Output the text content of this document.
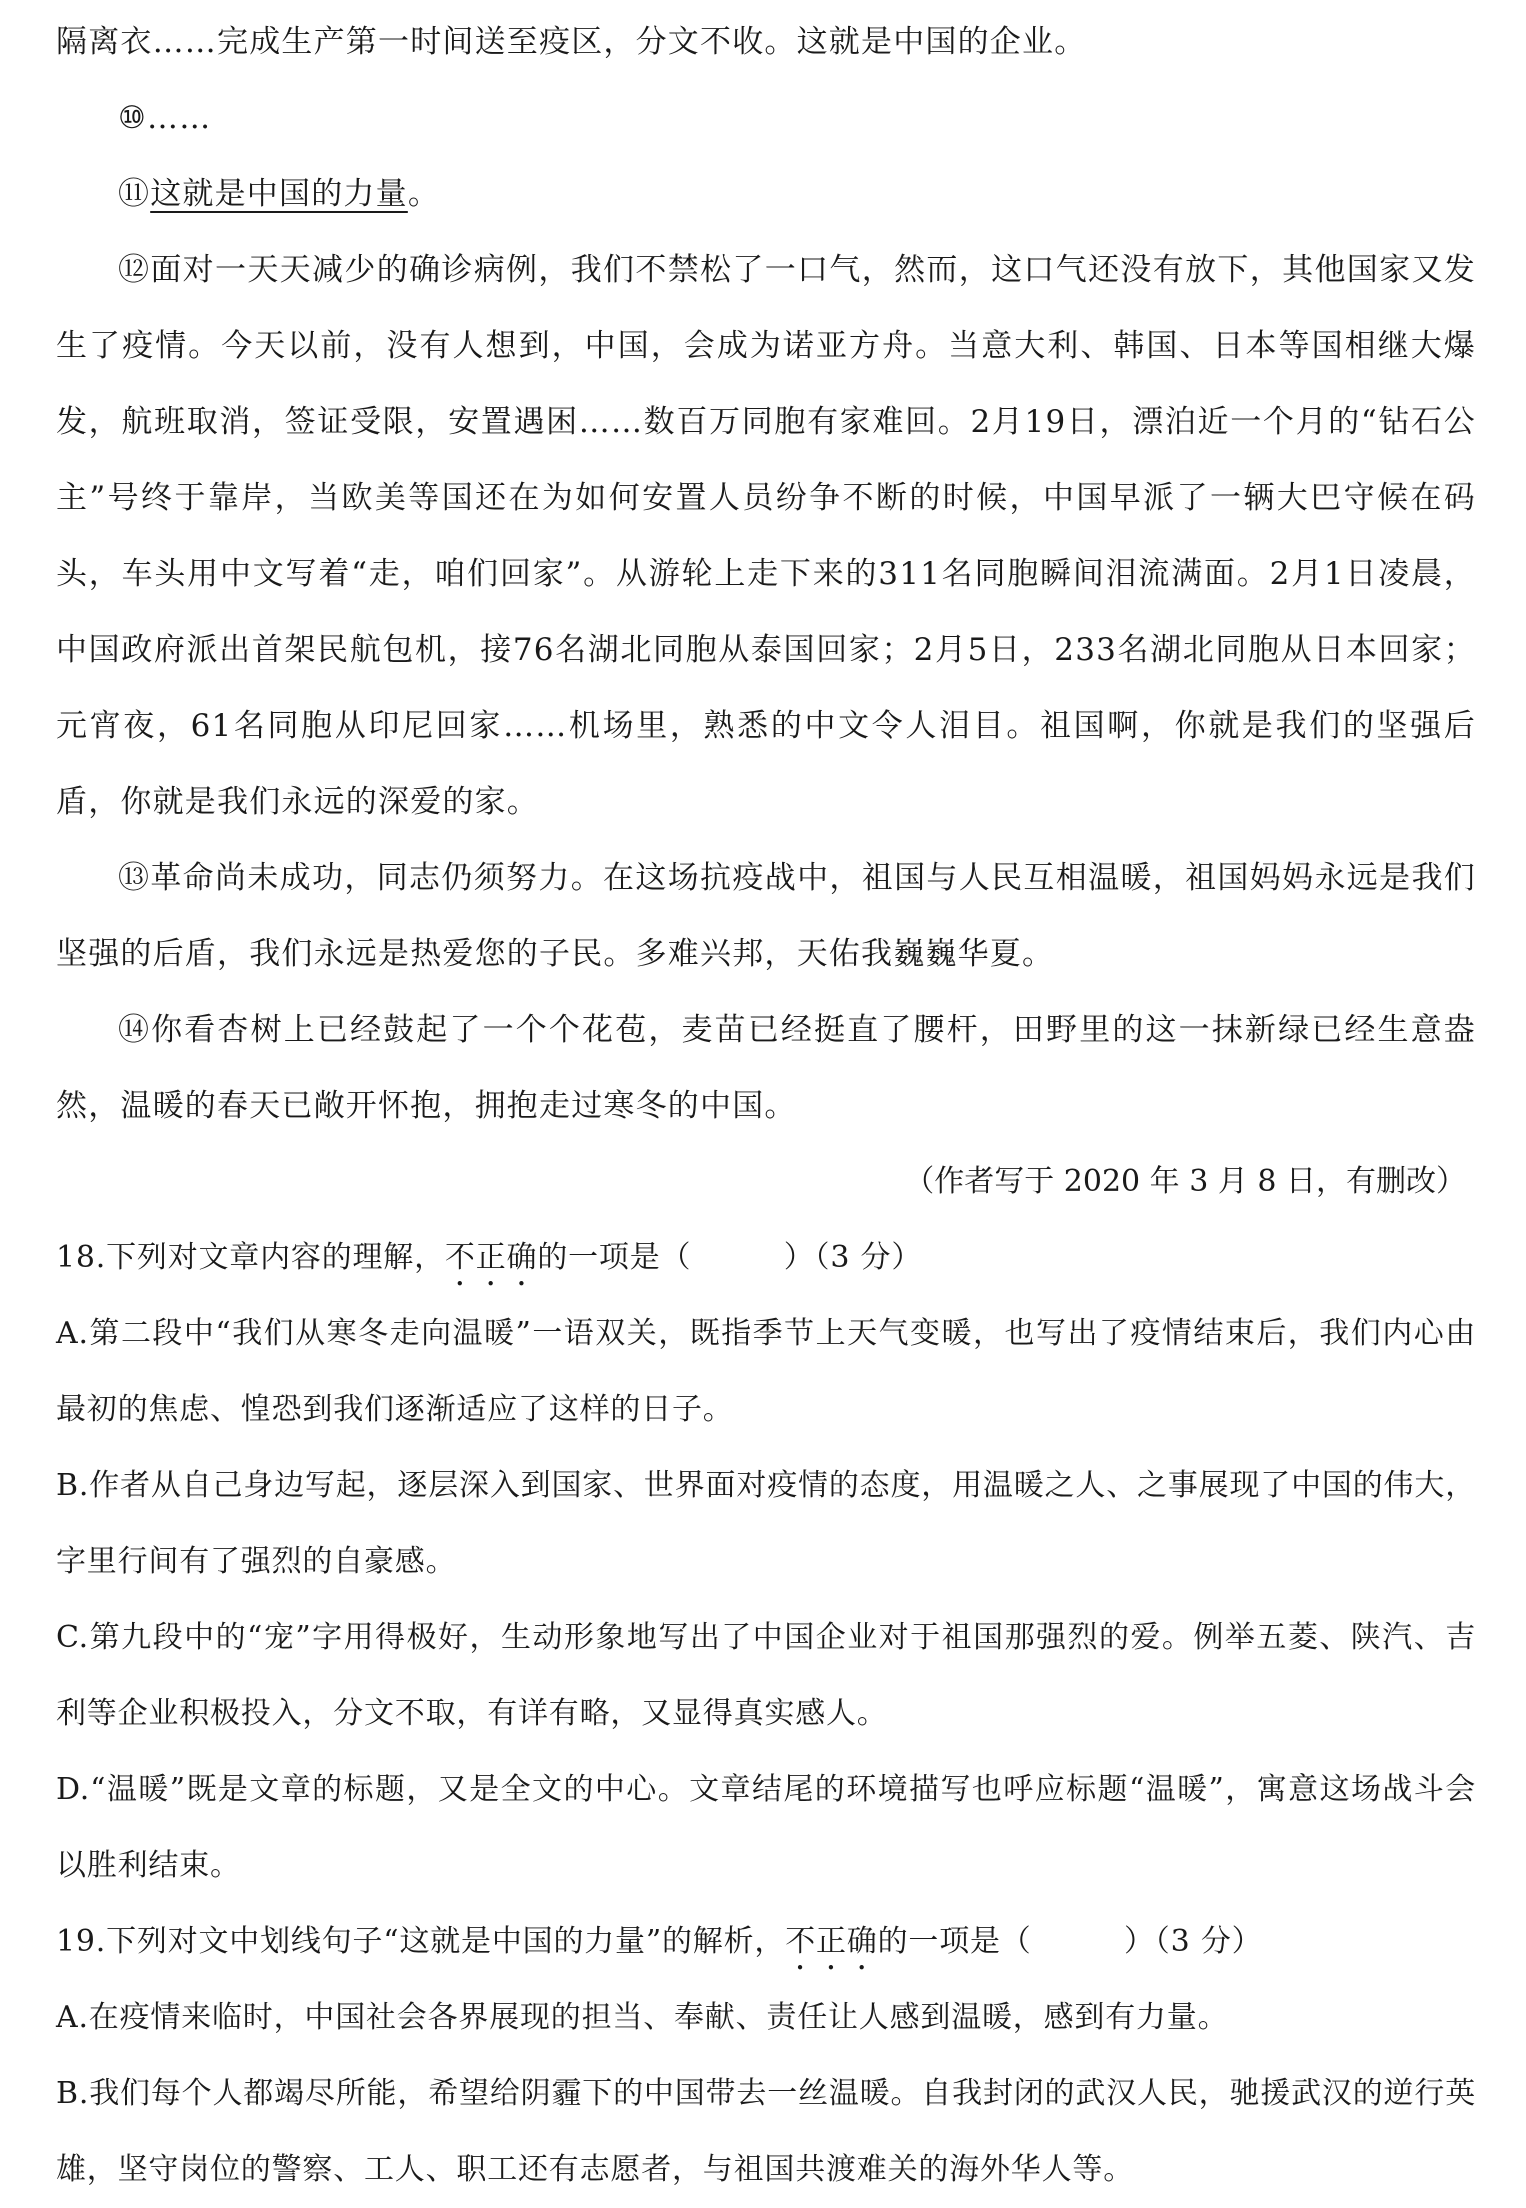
隔离衣……完成生产第一时间送至疫区，分文不收。这就是中国的企业。

⑩……

⑪这就是中国的力量。

⑫面对一天天减少的确诊病例，我们不禁松了一口气，然而，这口气还没有放下，其他国家又发生了疫情。今天以前，没有人想到，中国，会成为诺亚方舟。当意大利、韩国、日本等国相继大爆发，航班取消，签证受限，安置遇困……数百万同胞有家难回。2月19日，漂泊近一个月的“钻石公主”号终于靠岸，当欧美等国还在为如何安置人员纷争不断的时候，中国早派了一辆大巴守候在码头，车头用中文写着“走，咱们回家”。从游轮上走下来的311名同胞瞬间泪流满面。2月1日凌晨，中国政府派出首架民航包机，接76名湖北同胞从泰国回家；2月5日，233名湖北同胞从日本回家；元宵夜，61名同胞从印尼回家……机场里，熟悉的中文令人泪目。祖国啊，你就是我们的坚强后盾，你就是我们永远的深爱的家。

⑬革命尚未成功，同志仍须努力。在这场抗疫战中，祖国与人民互相温暖，祖国妈妈永远是我们坚强的后盾，我们永远是热爱您的子民。多难兴邦，天佑我巍巍华夏。

⑭你看杏树上已经鼓起了一个个花苞，麦苗已经挺直了腰杆，田野里的这一抹新绿已经生意盎然，温暖的春天已敞开怀抱，拥抱走过寒冬的中国。

（作者写于 2020 年 3 月 8 日，有删改）

18.下列对文章内容的理解，不正确的一项是（　　　）（3 分）

A.第二段中“我们从寒冬走向温暖”一语双关，既指季节上天气变暖，也写出了疫情结束后，我们内心由最初的焦虑、惶恐到我们逐渐适应了这样的日子。

B.作者从自己身边写起，逐层深入到国家、世界面对疫情的态度，用温暖之人、之事展现了中国的伟大，字里行间有了强烈的自豪感。

C.第九段中的“宠”字用得极好，生动形象地写出了中国企业对于祖国那强烈的爱。例举五菱、陕汽、吉利等企业积极投入，分文不取，有详有略，又显得真实感人。

D.“温暖”既是文章的标题，又是全文的中心。文章结尾的环境描写也呼应标题“温暖”，寓意这场战斗会以胜利结束。

19.下列对文中划线句子“这就是中国的力量”的解析，不正确的一项是（　　　）（3 分）

A.在疫情来临时，中国社会各界展现的担当、奉献、责任让人感到温暖，感到有力量。

B.我们每个人都竭尽所能，希望给阴霾下的中国带去一丝温暖。自我封闭的武汉人民，驰援武汉的逆行英雄，坚守岗位的警察、工人、职工还有志愿者，与祖国共渡难关的海外华人等。
